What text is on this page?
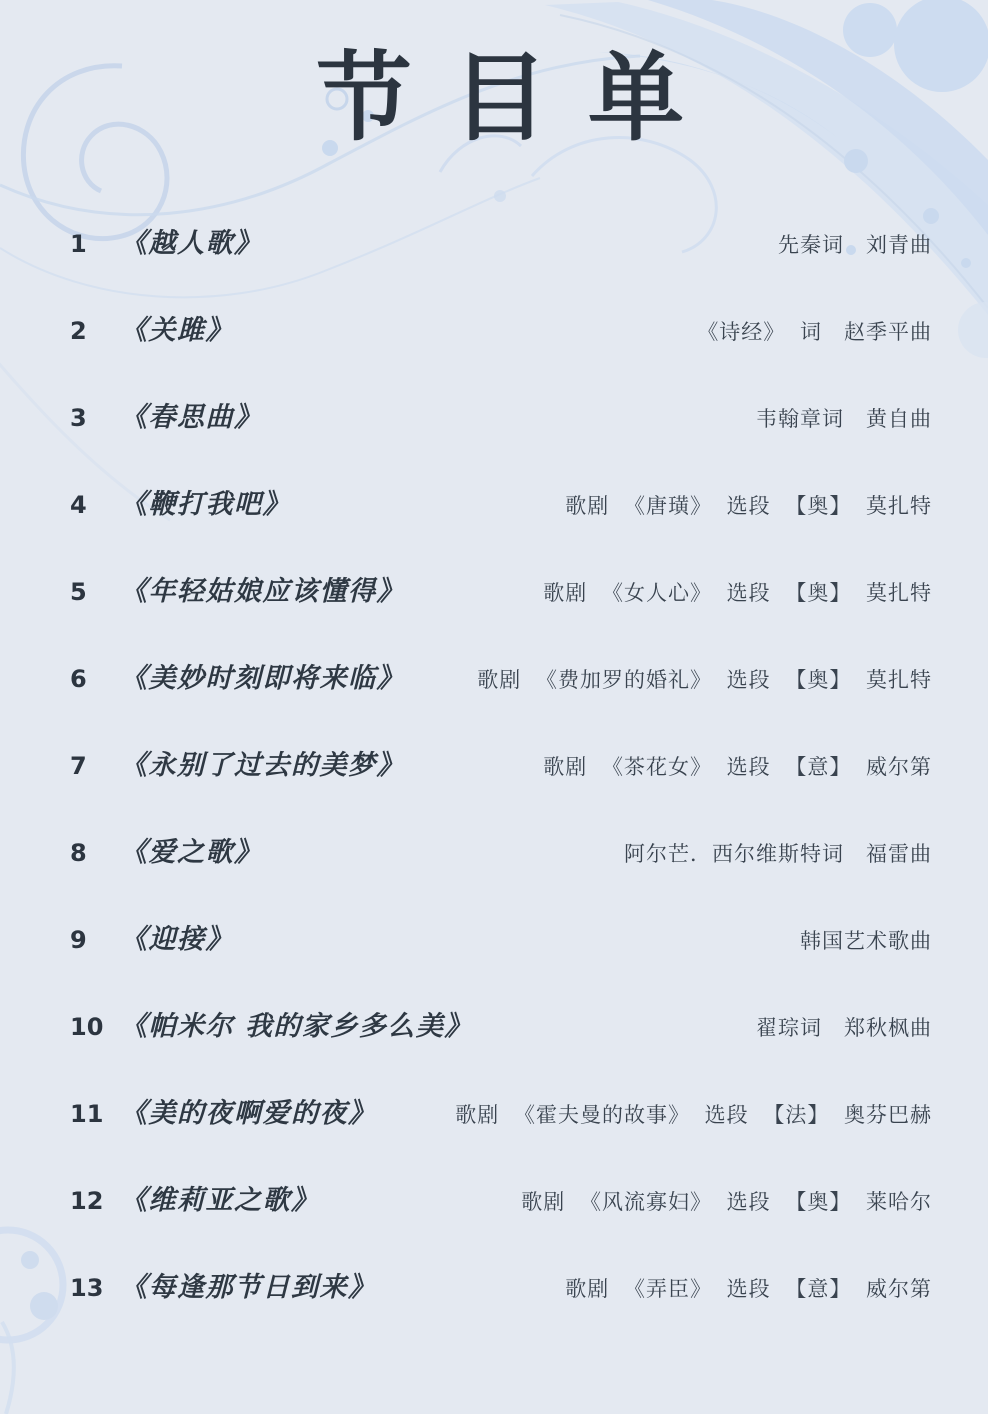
节目单
1	《越人歌》	先秦词　刘青曲
2	《关雎》	《诗经》 词　赵季平曲
3	《春思曲》	韦翰章词　黄自曲
4	《鞭打我吧》	歌剧 《唐璜》 选段 【奥】 莫扎特
5	《年轻姑娘应该懂得》	歌剧 《女人心》 选段 【奥】 莫扎特
6	《美妙时刻即将来临》	歌剧 《费加罗的婚礼》 选段 【奥】 莫扎特
7	《永别了过去的美梦》	歌剧 《茶花女》 选段 【意】 威尔第
8	《爱之歌》	阿尔芒．西尔维斯特词　福雷曲
9	《迎接》	韩国艺术歌曲
10 《帕米尔 我的家乡多么美》	翟琮词　郑秋枫曲
11 《美的夜啊爱的夜》	歌剧 《霍夫曼的故事》 选段 【法】 奥芬巴赫
12 《维莉亚之歌》	歌剧 《风流寡妇》 选段 【奥】 莱哈尔
13 《每逢那节日到来》	歌剧 《弄臣》 选段 【意】 威尔第
